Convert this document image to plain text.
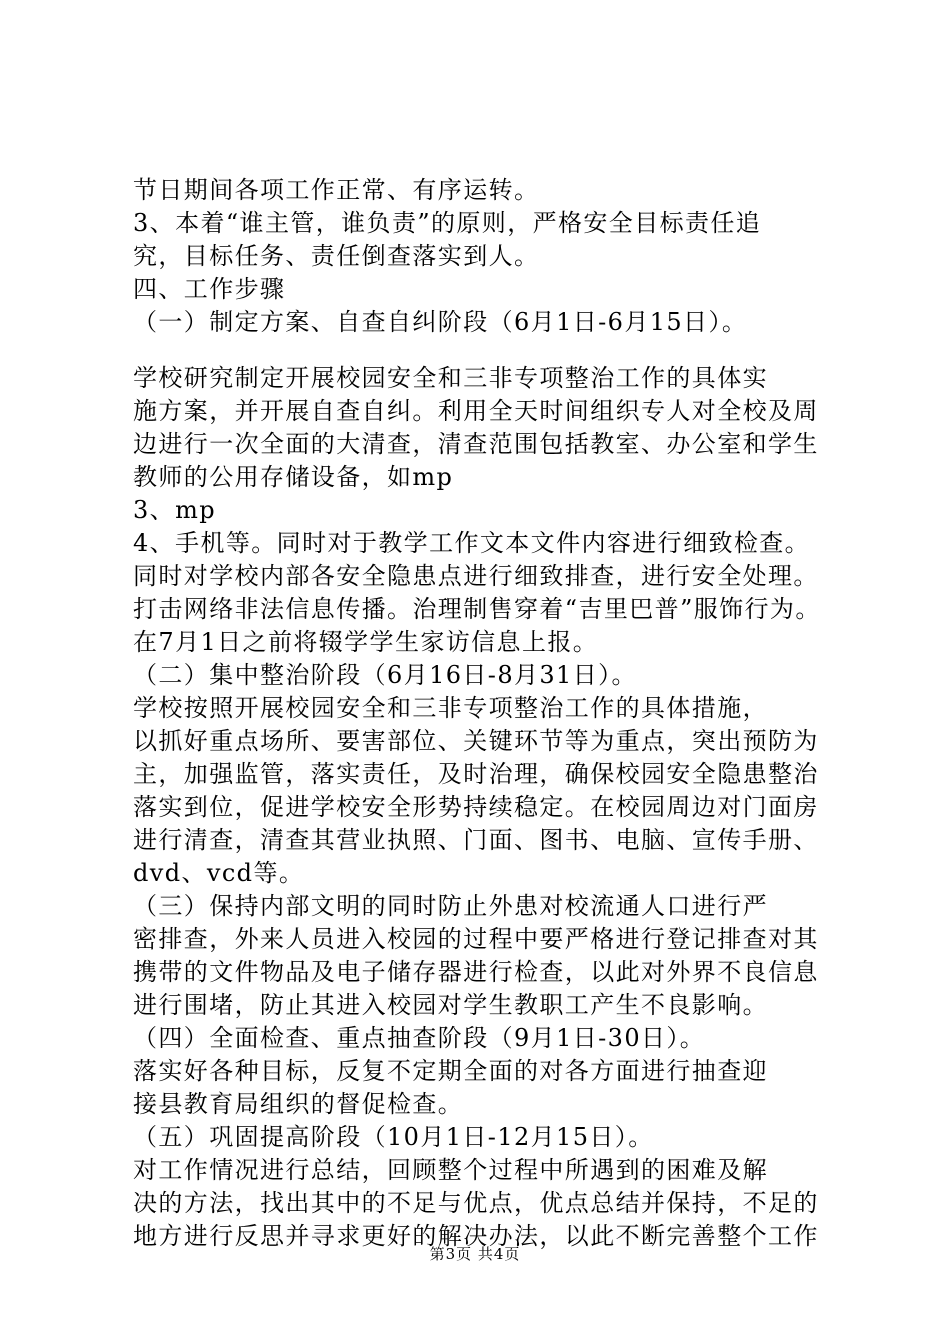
节日期间各项工作正常、有序运转。
3、本着“谁主管，谁负责”的原则，严格安全目标责任追
究，目标任务、责任倒查落实到人。
四、工作步骤
（一）制定方案、自查自纠阶段（6月1日-6月15日）。
学校研究制定开展校园安全和三非专项整治工作的具体实
施方案，并开展自查自纠。利用全天时间组织专人对全校及周
边进行一次全面的大清查，清查范围包括教室、办公室和学生
教师的公用存储设备，如mp
3、mp
4、手机等。同时对于教学工作文本文件内容进行细致检查。
同时对学校内部各安全隐患点进行细致排查，进行安全处理。
打击网络非法信息传播。治理制售穿着“吉里巴普”服饰行为。
在7月1日之前将辍学学生家访信息上报。
（二）集中整治阶段（6月16日-8月31日）。
学校按照开展校园安全和三非专项整治工作的具体措施，
以抓好重点场所、要害部位、关键环节等为重点，突出预防为
主，加强监管，落实责任，及时治理，确保校园安全隐患整治
落实到位，促进学校安全形势持续稳定。在校园周边对门面房
进行清查，清查其营业执照、门面、图书、电脑、宣传手册、
dvd、vcd等。
（三）保持内部文明的同时防止外患对校流通人口进行严
密排查，外来人员进入校园的过程中要严格进行登记排查对其
携带的文件物品及电子储存器进行检查，以此对外界不良信息
进行围堵，防止其进入校园对学生教职工产生不良影响。
（四）全面检查、重点抽查阶段（9月1日-30日）。
落实好各种目标，反复不定期全面的对各方面进行抽查迎
接县教育局组织的督促检查。
（五）巩固提高阶段（10月1日-12月15日）。
对工作情况进行总结，回顾整个过程中所遇到的困难及解
决的方法，找出其中的不足与优点，优点总结并保持，不足的
地方进行反思并寻求更好的解决办法，以此不断完善整个工作
第3页 共4页
